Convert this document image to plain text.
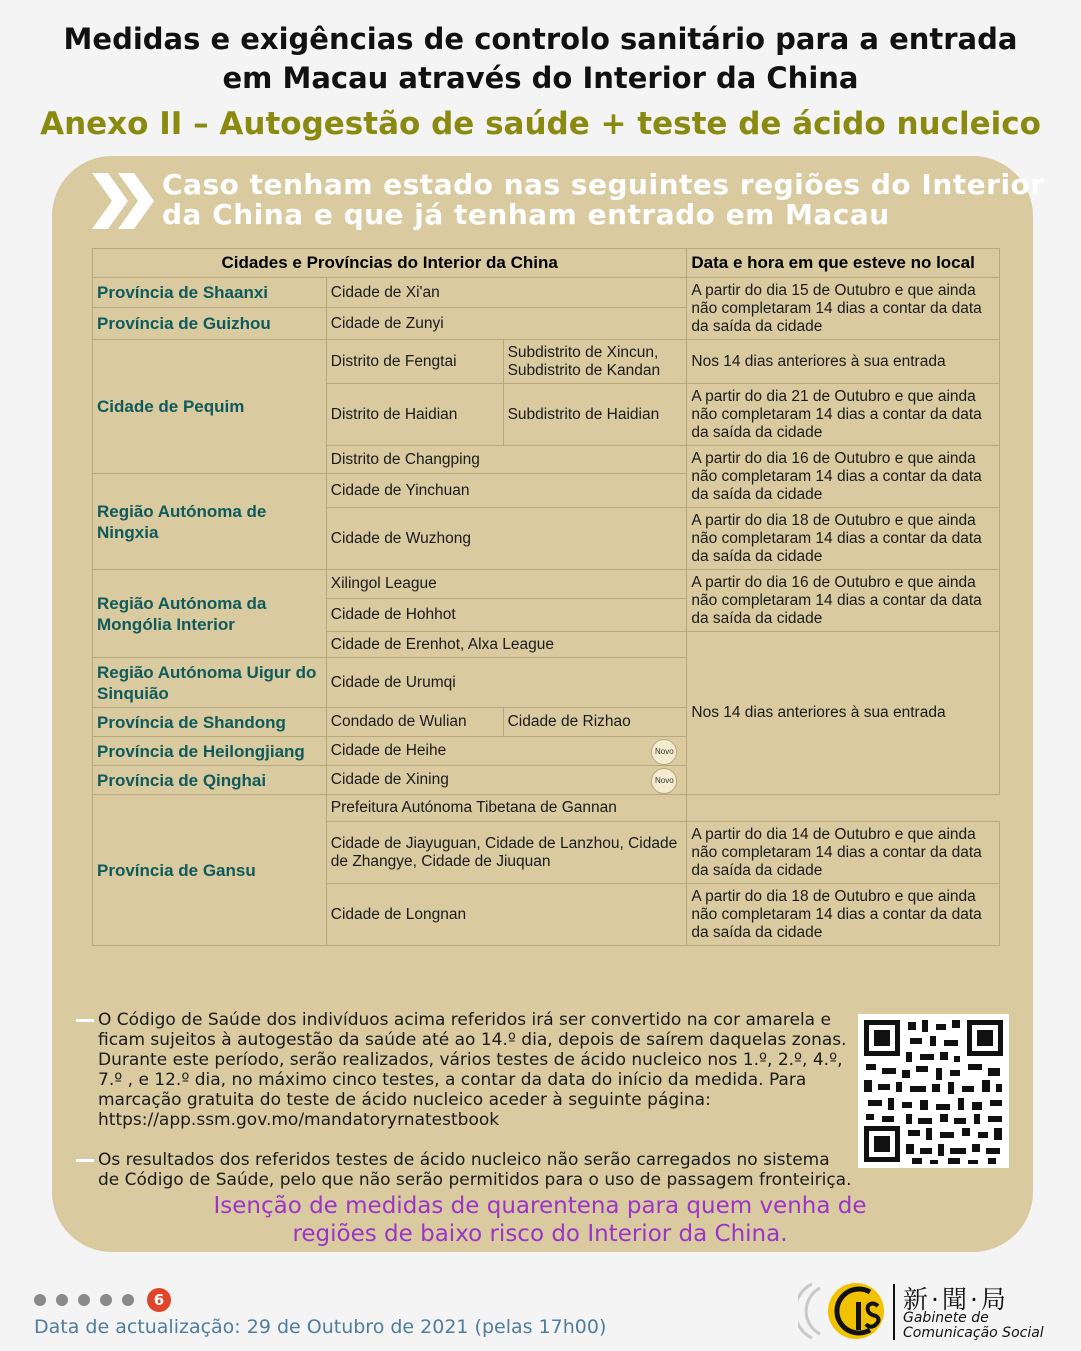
Medidas e exigências de controlo sanitário para a entrada
em Macau através do Interior da China
Anexo II – Autogestão de saúde + teste de ácido nucleico
Caso tenham estado nas seguintes regiões do Interior
da China e que já tenham entrado em Macau
Cidades e Províncias do Interior da China			Data e hora em que esteve no local
Província de Shaanxi	Cidade de Xi'an		A partir do dia 15 de Outubro e que ainda não completaram 14 dias a contar da data da saída da cidade
Província de Guizhou	Cidade de Zunyi		
Cidade de Pequim	Distrito de Fengtai	Subdistrito de Xincun, Subdistrito de Kandan	Nos 14 dias anteriores à sua entrada
	Distrito de Haidian	Subdistrito de Haidian	A partir do dia 21 de Outubro e que ainda não completaram 14 dias a contar da data da saída da cidade
	Distrito de Changping		A partir do dia 16 de Outubro e que ainda não completaram 14 dias a contar da data da saída da cidade
Região Autónoma de Ningxia	Cidade de Yinchuan		
	Cidade de Wuzhong		A partir do dia 18 de Outubro e que ainda não completaram 14 dias a contar da data da saída da cidade
Região Autónoma da Mongólia Interior	Xilingol League		A partir do dia 16 de Outubro e que ainda não completaram 14 dias a contar da data da saída da cidade
	Cidade de Hohhot		
	Cidade de Erenhot, Alxa League		Nos 14 dias anteriores à sua entrada
Região Autónoma Uigur do Sinquião	Cidade de Urumqi		
Província de Shandong	Condado de Wulian	Cidade de Rizhao	
Província de Heilongjiang	Cidade de Heihe Novo		

Província de Qinghai	Cidade de Xining Novo		

Província de Gansu	Prefeitura Autónoma Tibetana de Gannan		
	Cidade de Jiayuguan, Cidade de Lanzhou, Cidade de Zhangye, Cidade de Jiuquan		A partir do dia 14 de Outubro e que ainda não completaram 14 dias a contar da data da saída da cidade
	Cidade de Longnan		A partir do dia 18 de Outubro e que ainda não completaram 14 dias a contar da data da saída da cidade
O Código de Saúde dos indivíduos acima referidos irá ser convertido na cor amarela e ficam sujeitos à autogestão da saúde até ao 14.º dia, depois de saírem daquelas zonas. Durante este período, serão realizados, vários testes de ácido nucleico nos 1.º, 2.º, 4.º, 7.º , e 12.º dia, no máximo cinco testes, a contar da data do início da medida. Para marcação gratuita do teste de ácido nucleico aceder à seguinte página:
https://app.ssm.gov.mo/mandatoryrnatestbook
Os resultados dos referidos testes de ácido nucleico não serão carregados no sistema de Código de Saúde, pelo que não serão permitidos para o uso de passagem fronteiriça.
Isenção de medidas de quarentena para quem venha de
regiões de baixo risco do Interior da China.
6
Data de actualização: 29 de Outubro de 2021 (pelas 17h00)
新·聞·局
Gabinete de
Comunicação Social
